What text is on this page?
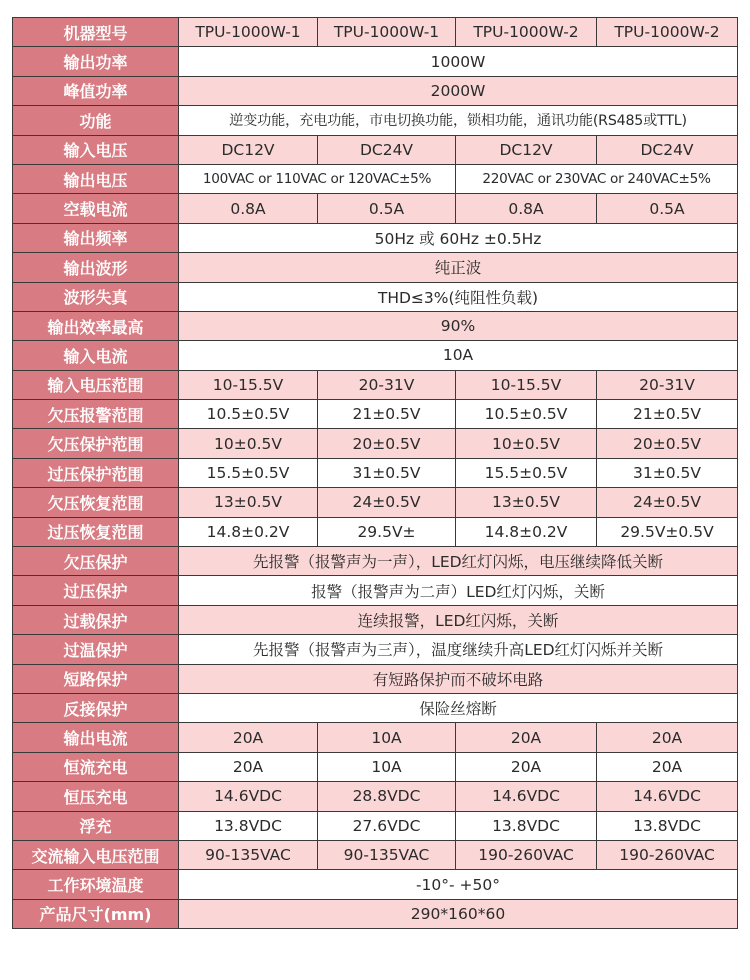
机器型号	TPU-1000W-1	TPU-1000W-1	TPU-1000W-2	TPU-1000W-2
输出功率	1000W			
峰值功率	2000W			
功能	逆变功能，充电功能，市电切换功能，锁相功能，通讯功能(RS485或TTL)			
输入电压	DC12V	DC24V	DC12V	DC24V
输出电压	100VAC or 110VAC or 120VAC±5%		220VAC or 230VAC or 240VAC±5%	
空载电流	0.8A	0.5A	0.8A	0.5A
输出频率	50Hz 或 60Hz ±0.5Hz			
输出波形	纯正波			
波形失真	THD≤3%(纯阻性负载)			
输出效率最高	90%			
输入电流	10A			
输入电压范围	10-15.5V	20-31V	10-15.5V	20-31V
欠压报警范围	10.5±0.5V	21±0.5V	10.5±0.5V	21±0.5V
欠压保护范围	10±0.5V	20±0.5V	10±0.5V	20±0.5V
过压保护范围	15.5±0.5V	31±0.5V	15.5±0.5V	31±0.5V
欠压恢复范围	13±0.5V	24±0.5V	13±0.5V	24±0.5V
过压恢复范围	14.8±0.2V	29.5V±	14.8±0.2V	29.5V±0.5V
欠压保护	先报警（报警声为一声），LED红灯闪烁，电压继续降低关断			
过压保护	报警（报警声为二声）LED红灯闪烁，关断			
过载保护	连续报警，LED红闪烁，关断			
过温保护	先报警（报警声为三声），温度继续升高LED红灯闪烁并关断			
短路保护	有短路保护而不破坏电路			
反接保护	保险丝熔断			
输出电流	20A	10A	20A	20A
恒流充电	20A	10A	20A	20A
恒压充电	14.6VDC	28.8VDC	14.6VDC	14.6VDC
浮充	13.8VDC	27.6VDC	13.8VDC	13.8VDC
交流输入电压范围	90-135VAC	90-135VAC	190-260VAC	190-260VAC
工作环境温度	-10°- +50°			
产品尺寸(mm)	290*160*60			
